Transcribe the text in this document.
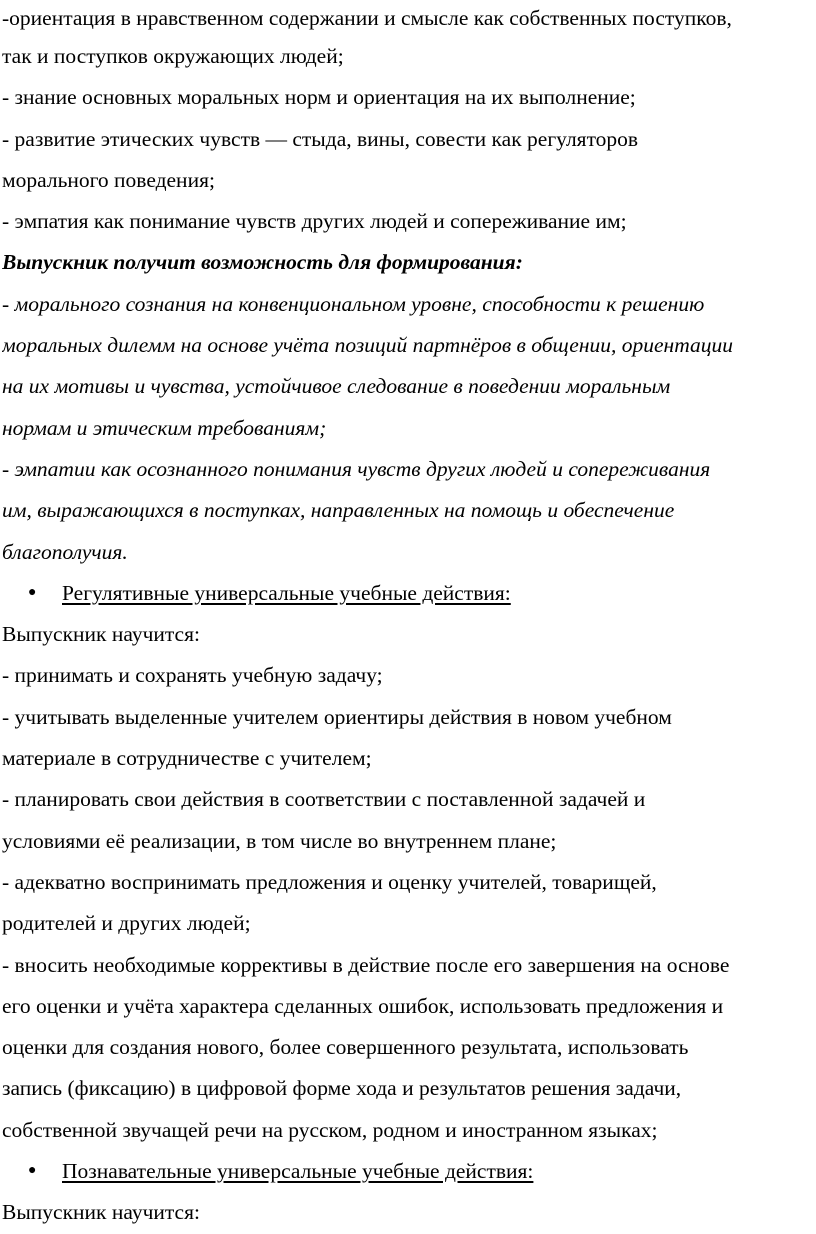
-ориентация в нравственном содержании и смысле как собственных поступков,
так и поступков окружающих людей;
- знание основных моральных норм и ориентация на их выполнение;
- развитие этических чувств — стыда, вины, совести как регуляторов
морального поведения;
- эмпатия как понимание чувств других людей и сопереживание им;
Выпускник получит возможность для формирования:
- морального сознания на конвенциональном уровне, способности к решению
моральных дилемм на основе учёта позиций партнёров в общении, ориентации
на их мотивы и чувства, устойчивое следование в поведении моральным
нормам и этическим требованиям;
- эмпатии как осознанного понимания чувств других людей и сопереживания
им, выражающихся в поступках, направленных на помощь и обеспечение
благополучия.
● Регулятивные универсальные учебные действия:
Выпускник научится:
- принимать и сохранять учебную задачу;
- учитывать выделенные учителем ориентиры действия в новом учебном
материале в сотрудничестве с учителем;
- планировать свои действия в соответствии с поставленной задачей и
условиями её реализации, в том числе во внутреннем плане;
- адекватно воспринимать предложения и оценку учителей, товарищей,
родителей и других людей;
- вносить необходимые коррективы в действие после его завершения на основе
его оценки и учёта характера сделанных ошибок, использовать предложения и
оценки для создания нового, более совершенного результата, использовать
запись (фиксацию) в цифровой форме хода и результатов решения задачи,
собственной звучащей речи на русском, родном и иностранном языках;
● Познавательные универсальные учебные действия:
Выпускник научится:
